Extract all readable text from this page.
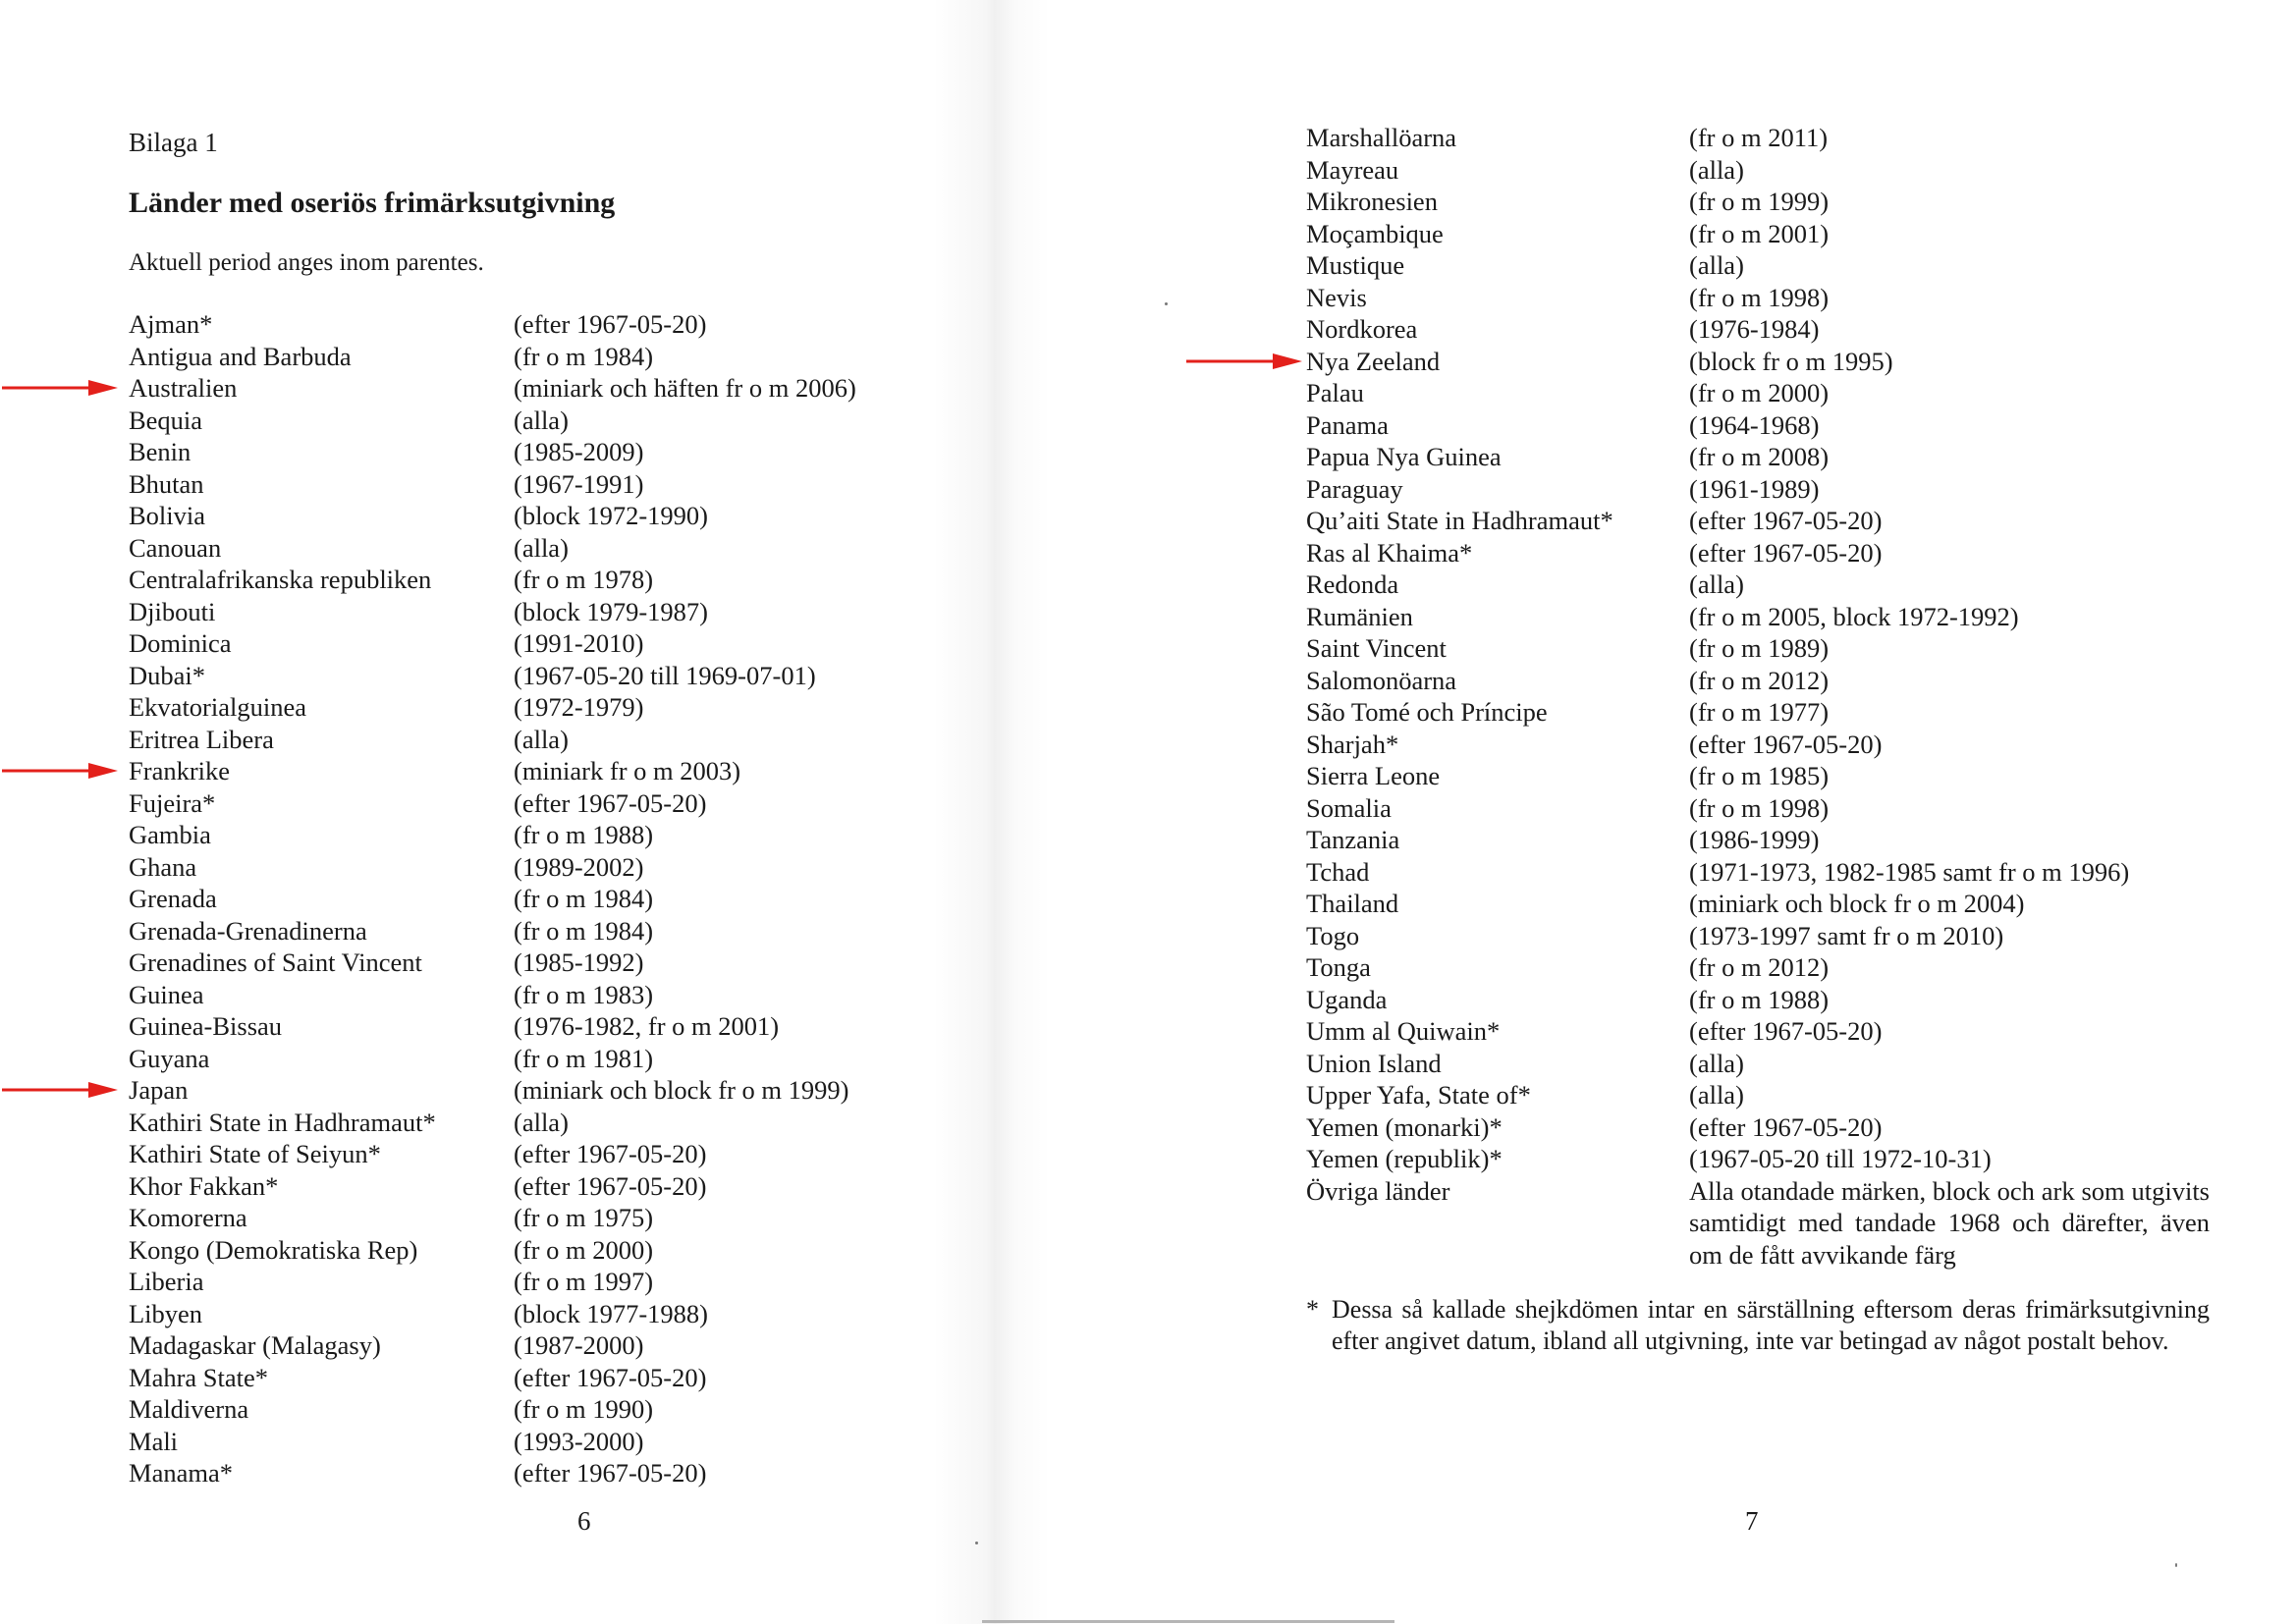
Bilaga 1
Länder med oseriös frimärksutgivning
Aktuell period anges inom parentes.
Ajman*	(efter 1967-05-20)
Antigua and Barbuda	(fr o m 1984)
Australien	(miniark och häften fr o m 2006)
Bequia	(alla)
Benin	(1985-2009)
Bhutan	(1967-1991)
Bolivia	(block 1972-1990)
Canouan	(alla)
Centralafrikanska republiken	(fr o m 1978)
Djibouti	(block 1979-1987)
Dominica	(1991-2010)
Dubai*	(1967-05-20 till 1969-07-01)
Ekvatorialguinea	(1972-1979)
Eritrea Libera	(alla)
Frankrike	(miniark fr o m 2003)
Fujeira*	(efter 1967-05-20)
Gambia	(fr o m 1988)
Ghana	(1989-2002)
Grenada	(fr o m 1984)
Grenada-Grenadinerna	(fr o m 1984)
Grenadines of Saint Vincent	(1985-1992)
Guinea	(fr o m 1983)
Guinea-Bissau	(1976-1982, fr o m 2001)
Guyana	(fr o m 1981)
Japan	(miniark och block fr o m 1999)
Kathiri State in Hadhramaut*	(alla)
Kathiri State of Seiyun*	(efter 1967-05-20)
Khor Fakkan*	(efter 1967-05-20)
Komorerna	(fr o m 1975)
Kongo (Demokratiska Rep)	(fr o m 2000)
Liberia	(fr o m 1997)
Libyen	(block 1977-1988)
Madagaskar (Malagasy)	(1987-2000)
Mahra State*	(efter 1967-05-20)
Maldiverna	(fr o m 1990)
Mali	(1993-2000)
Manama*	(efter 1967-05-20)
6
Marshallöarna	(fr o m 2011)
Mayreau	(alla)
Mikronesien	(fr o m 1999)
Moçambique	(fr o m 2001)
Mustique	(alla)
Nevis	(fr o m 1998)
Nordkorea	(1976-1984)
Nya Zeeland	(block fr o m 1995)
Palau	(fr o m 2000)
Panama	(1964-1968)
Papua Nya Guinea	(fr o m 2008)
Paraguay	(1961-1989)
Qu’aiti State in Hadhramaut*	(efter 1967-05-20)
Ras al Khaima*	(efter 1967-05-20)
Redonda	(alla)
Rumänien	(fr o m 2005, block 1972-1992)
Saint Vincent	(fr o m 1989)
Salomonöarna	(fr o m 2012)
São Tomé och Príncipe	(fr o m 1977)
Sharjah*	(efter 1967-05-20)
Sierra Leone	(fr o m 1985)
Somalia	(fr o m 1998)
Tanzania	(1986-1999)
Tchad	(1971-1973, 1982-1985 samt fr o m 1996)
Thailand	(miniark och block fr o m 2004)
Togo	(1973-1997 samt fr o m 2010)
Tonga	(fr o m 2012)
Uganda	(fr o m 1988)
Umm al Quiwain*	(efter 1967-05-20)
Union Island	(alla)
Upper Yafa, State of*	(alla)
Yemen (monarki)*	(efter 1967-05-20)
Yemen (republik)*	(1967-05-20 till 1972-10-31)
Övriga länder	Alla otandade märken, block och ark som utgivits samtidigt med tandade 1968 och därefter, även om de fått avvikande färg
* Dessa så kallade shejkdömen intar en särställning eftersom deras frimärksutgivning efter angivet datum, ibland all utgivning, inte var betingad av något postalt behov.
7
